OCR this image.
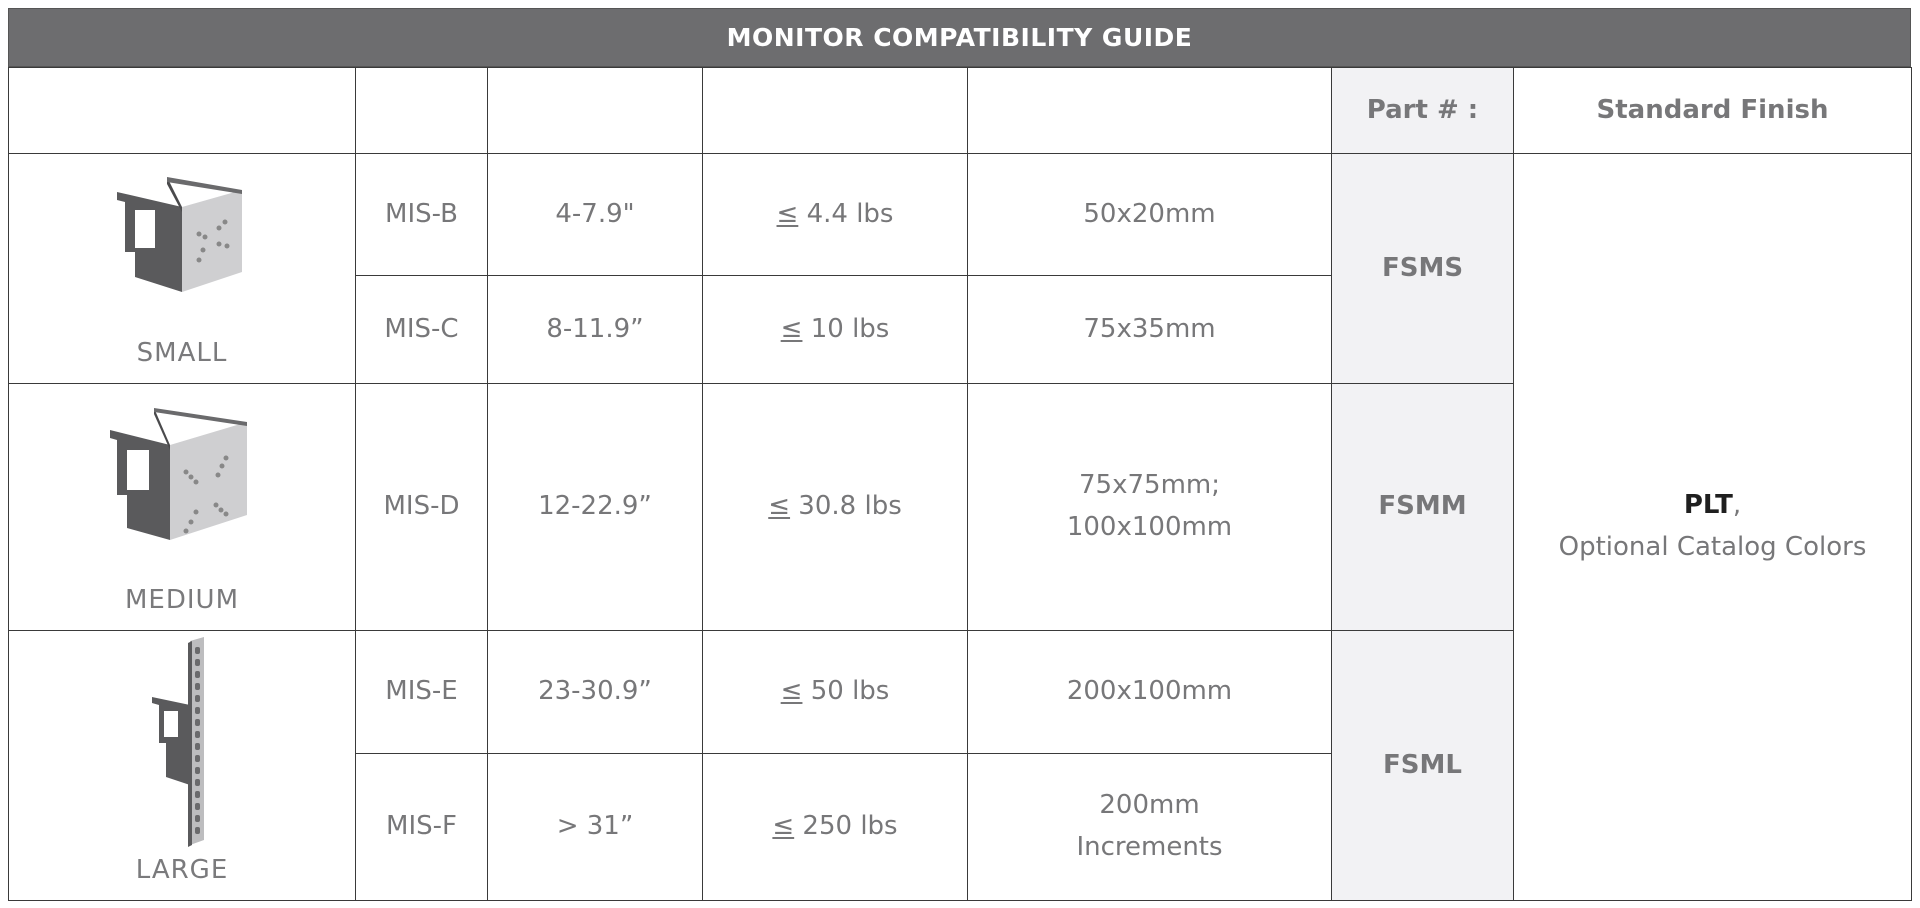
MONITOR COMPATIBILITY GUIDE
					Part # :	Standard Finish

SMALL	MIS-B	4-7.9"	≤ 4.4 lbs	50x20mm	FSMS	PLT,
Optional Catalog Colors

	MIS-C	8-11.9”	≤ 10 lbs	75x35mm		

MEDIUM	MIS-D	12-22.9”	≤ 30.8 lbs	75x75mm;
100x100mm	FSMM	

LARGE	MIS-E	23-30.9”	≤ 50 lbs	200x100mm	FSML	
	MIS-F	> 31”	≤ 250 lbs	200mm
Increments		
